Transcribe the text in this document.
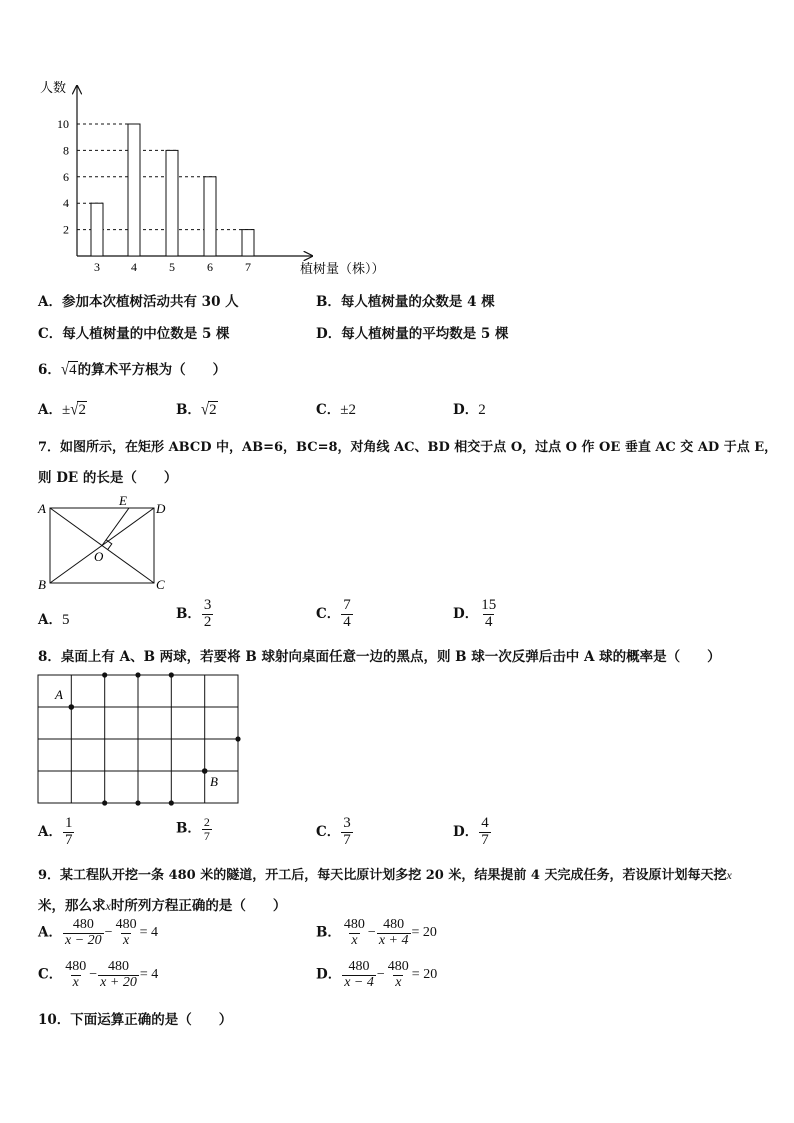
人数
植树量（株））
2
4
6
8
10
3	4	5	6	7
A．参加本次植树活动共有 30 人	B．每人植树量的众数是 4 棵
C．每人植树量的中位数是 5 棵	D．每人植树量的平均数是 5 棵
6．√4的算术平方根为（　　）
A．±√2	B．√2	C．±2	D．2
7．如图所示，在矩形 ABCD 中，AB=6，BC=8，对角线 AC、BD 相交于点 O，过点 O 作 OE 垂直 AC 交 AD 于点 E，
则 DE 的长是（　　）
A	D
B	C
E
O
A．5	B． $\frac{3}{2}$	C． $\frac{7}{4}$	D． $\frac{15}{4}$
8．桌面上有 A、B 两球，若要将 B 球射向桌面任意一边的黑点，则 B 球一次反弹后击中 A 球的概率是（　　）
A
B
A． $\frac{1}{7}$	B． $\frac{2}{7}$	C． $\frac{3}{7}$	D． $\frac{4}{7}$
9．某工程队开挖一条 480 米的隧道，开工后，每天比原计划多挖 20 米，结果提前 4 天完成任务，若设原计划每天挖x
米，那么求x时所列方程正确的是（　　）
A． $\frac{480}{x - 20} - \frac{480}{x} = 4$	B． $\frac{480}{x} - \frac{480}{x + 4} = 20$
C． $\frac{480}{x} - \frac{480}{x + 20} = 4$	D． $\frac{480}{x - 4} - \frac{480}{x} = 20$
10．下面运算正确的是（　　）
